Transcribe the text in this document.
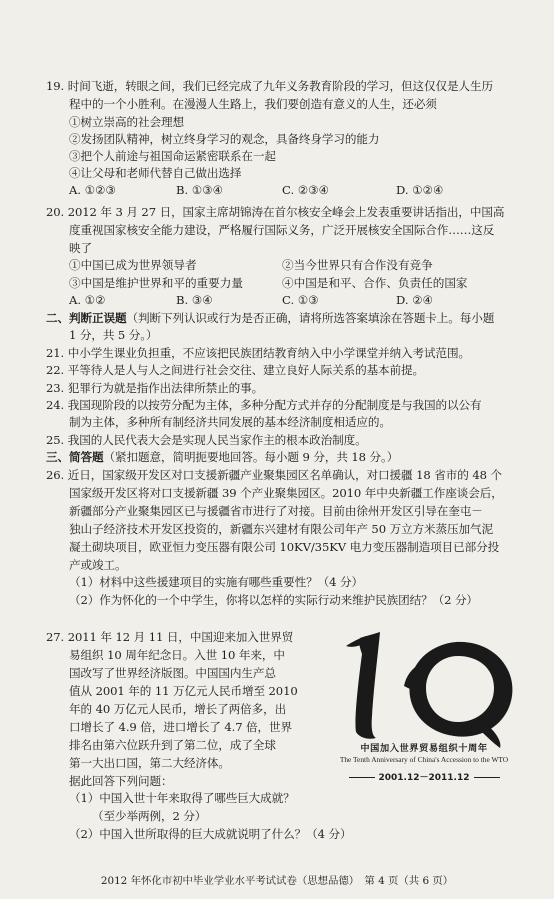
19. 时间飞逝，转眼之间，我们已经完成了九年义务教育阶段的学习，但这仅仅是人生历
程中的一个小胜利。在漫漫人生路上，我们要创造有意义的人生，还必须
①树立崇高的社会理想
②发扬团队精神，树立终身学习的观念，具备终身学习的能力
③把个人前途与祖国命运紧密联系在一起
④让父母和老师代替自己做出选择
A. ①②③	B. ①③④	C. ②③④	D. ①②④
20. 2012 年 3 月 27 日，国家主席胡锦涛在首尔核安全峰会上发表重要讲话指出，中国高
度重视国家核安全能力建设，严格履行国际义务，广泛开展核安全国际合作……这反
映了
①中国已成为世界领导者	②当今世界只有合作没有竞争
③中国是维护世界和平的重要力量	④中国是和平、合作、负责任的国家
A. ①②	B. ③④	C. ①③	D. ②④
二、判断正误题（判断下列认识或行为是否正确，请将所选答案填涂在答题卡上。每小题
1 分，共 5 分。）
21. 中小学生课业负担重，不应该把民族团结教育纳入中小学课堂并纳入考试范围。
22. 平等待人是人与人之间进行社会交往、建立良好人际关系的基本前提。
23. 犯罪行为就是指作出法律所禁止的事。
24. 我国现阶段的以按劳分配为主体，多种分配方式并存的分配制度是与我国的以公有
制为主体，多种所有制经济共同发展的基本经济制度相适应的。
25. 我国的人民代表大会是实现人民当家作主的根本政治制度。
三、简答题（紧扣题意，简明扼要地回答。每小题 9 分，共 18 分。）
26. 近日，国家级开发区对口支援新疆产业聚集园区名单确认，对口援疆 18 省市的 48 个
国家级开发区将对口支援新疆 39 个产业聚集园区。2010 年中央新疆工作座谈会后，
新疆部分产业聚集园区已与援疆省市进行了对接。目前由徐州开发区引导在奎屯－
独山子经济技术开发区投资的，新疆东兴建材有限公司年产 50 万立方米蒸压加气泥
凝土砌块项目，欧亚恒力变压器有限公司 10KV/35KV 电力变压器制造项目已部分投
产或竣工。
（1）材料中这些援建项目的实施有哪些重要性？（4 分）
（2）作为怀化的一个中学生，你将以怎样的实际行动来维护民族团结？（2 分）
27. 2011 年 12 月 11 日，中国迎来加入世界贸
易组织 10 周年纪念日。入世 10 年来，中
国改写了世界经济版图。中国国内生产总
值从 2001 年的 11 万亿元人民币增至 2010
年的 40 万亿元人民币，增长了两倍多，出
口增长了 4.9 倍，进口增长了 4.7 倍，世界
排名由第六位跃升到了第二位，成了全球
第一大出口国，第二大经济体。
据此回答下列问题：
（1）中国入世十年来取得了哪些巨大成就？
（至少举两例，2 分）
（2）中国入世所取得的巨大成就说明了什么？（4 分）
中国加入世界贸易组织十周年
The Tenth Anniversary of China's Accession to the WTO
2001.12－2011.12
2012 年怀化市初中毕业学业水平考试试卷（思想品德）　第 4 页（共 6 页）
